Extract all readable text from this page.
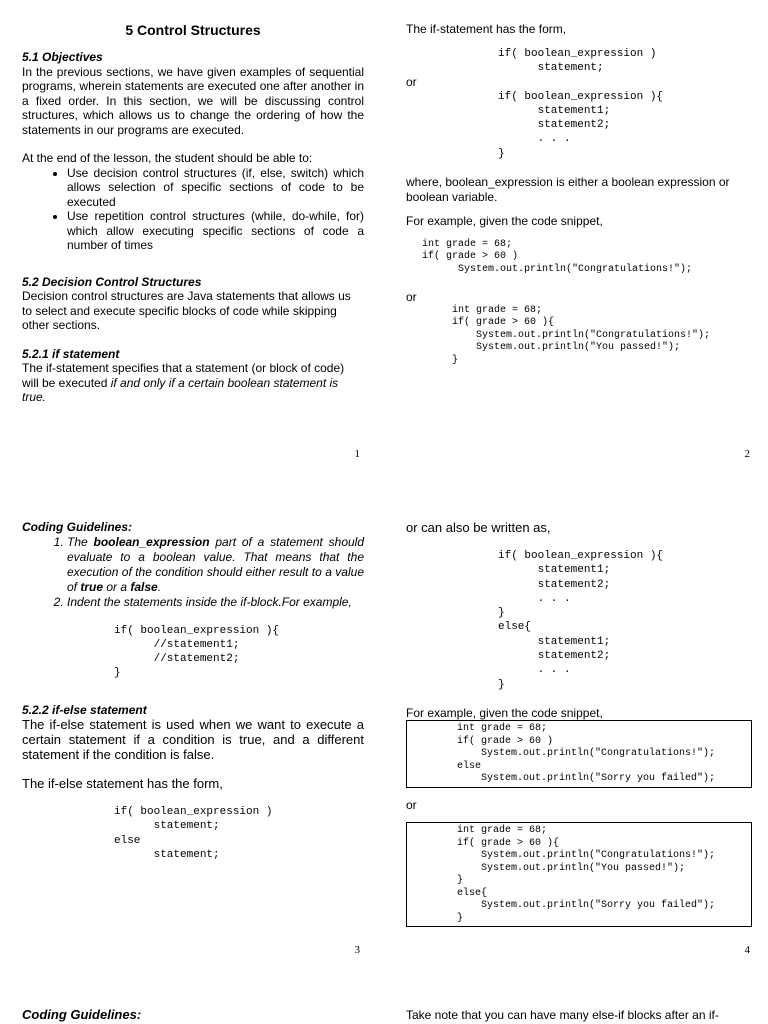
5 Control Structures
5.1 Objectives

In the previous sections, we have given examples of sequential programs, wherein statements are executed one after another in a fixed order. In this section, we will be discussing control structures, which allows us to change the ordering of how the statements in our programs are executed.

At the end of the lesson, the student should be able to:

• Use decision control structures (if, else, switch) which allows selection of specific sections of code to be executed
• Use repetition control structures (while, do-while, for) which allow executing specific sections of code a number of times
5.2 Decision Control Structures

Decision control structures are Java statements that allows us to select and execute specific blocks of code while skipping other sections.

5.2.1 if statement

The if-statement specifies that a statement (or block of code) will be executed if and only if a certain boolean statement is true.

1

The if-statement has the form,

if( boolean_expression )
statement;

or

if( boolean_expression ){
statement1;
statement2;
. . .
}

where, boolean_expression is either a boolean expression or boolean variable.

For example, given the code snippet,

int grade = 68;
if( grade > 60 )
System.out.println("Congratulations!");

or

int grade = 68;
if( grade > 60 ){
System.out.println("Congratulations!");
System.out.println("You passed!");
}
2
Coding Guidelines:
1. The boolean_expression part of a statement should evaluate to a boolean value. That means that the execution of the condition should either result to a value of true or a false.
2. Indent the statements inside the if-block.For example,
if( boolean_expression ){
//statement1;
//statement2;
}
5.2.2 if-else statement

The if-else statement is used when we want to execute a certain statement if a condition is true, and a different statement if the condition is false.

The if-else statement has the form,

if( boolean_expression )
statement;
else
statement;
3

or can also be written as,

if( boolean_expression ){
statement1;
statement2;
. . .
}
else{
statement1;
statement2;
. . .
}

For example, given the code snippet,

int grade = 68;
if( grade > 60 )
System.out.println("Congratulations!");
else
System.out.println("Sorry you failed");

or

int grade = 68;
if( grade > 60 ){
System.out.println("Congratulations!");
System.out.println("You passed!");
}
else{
System.out.println("Sorry you failed");
}
4
Coding Guidelines:	Take note that you can have many else-if blocks after an if-
